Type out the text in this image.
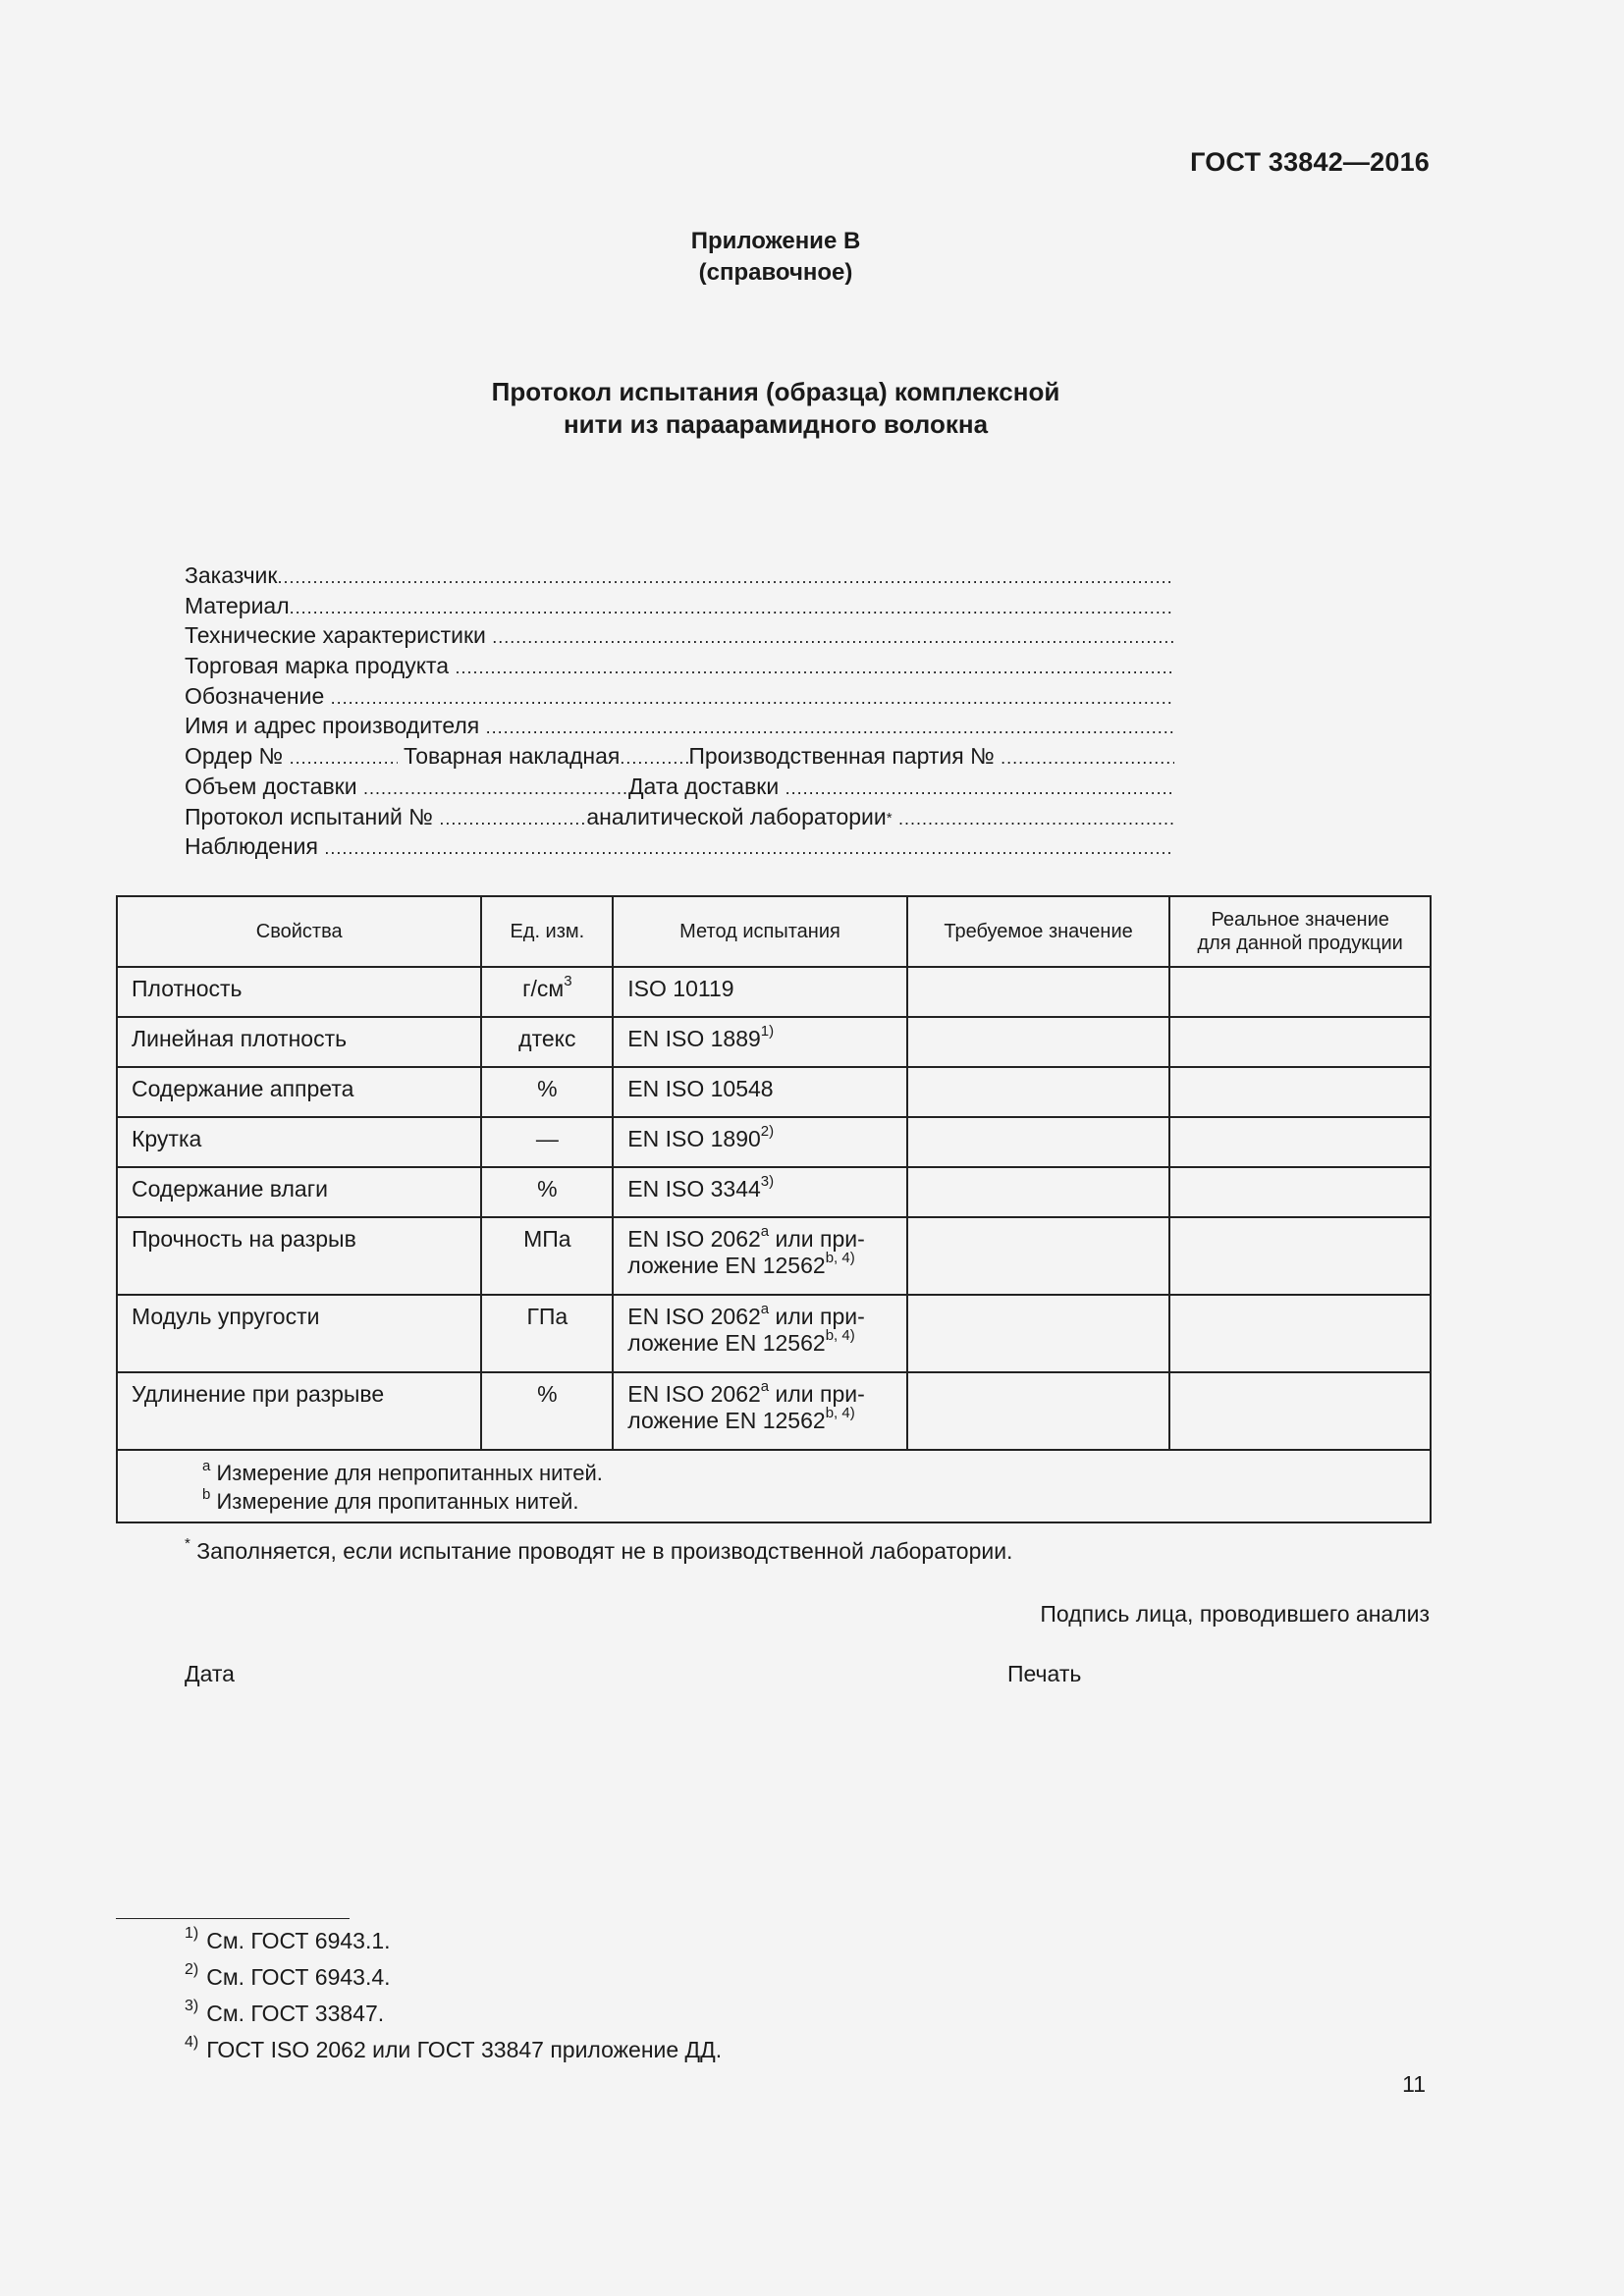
ГОСТ 33842—2016
Приложение В
(справочное)
Протокол испытания (образца) комплексной
нити из параарамидного волокна
Заказчик
.....
Материал
.....
Технические характеристики

.....
Торговая марка продукта

.....
Обозначение

.....
Имя и адрес производителя

.....
Ордер №
.....
	Товарная накладная .....	Производственная партия №

.....
Объем доставки
.....	Дата доставки

.....
Протокол испытаний №
.....	аналитической лаборатории*

.....
Наблюдения

.....
Свойства	Ед. изм.	Метод испытания	Требуемое значение	Реальное значение
для данной продукции
Плотность	$г/см^3$	ISO 10119		
Линейная плотность	дтекс	EN ISO 1889$^{1)}$		
Содержание аппрета	%	EN ISO 10548		
Крутка	—	EN ISO 1890$^{2)}$		
Содержание влаги	%	EN ISO 3344$^{3)}$		
Прочность на разрыв	МПа	EN ISO 2062$^a$ или при-
ложение EN 12562$^{b, 4)}$		
Модуль упругости	ГПа	EN ISO 2062$^a$ или при-
ложение EN 12562$^{b, 4)}$		
Удлинение при разрыве	%	EN ISO 2062$^a$ или при-
ложение EN 12562$^{b, 4)}$		

$^a$ Измерение для непропитанных нитей.
$^b$ Измерение для пропитанных нитей.				
* Заполняется, если испытание проводят не в производственной лаборатории.
Подпись лица, проводившего анализ
Дата	Печать
$^{1)}$ См. ГОСТ 6943.1.
$^{2)}$ См. ГОСТ 6943.4.
$^{3)}$ См. ГОСТ 33847.
$^{4)}$ ГОСТ ISO 2062 или ГОСТ 33847 приложение ДД.
11
